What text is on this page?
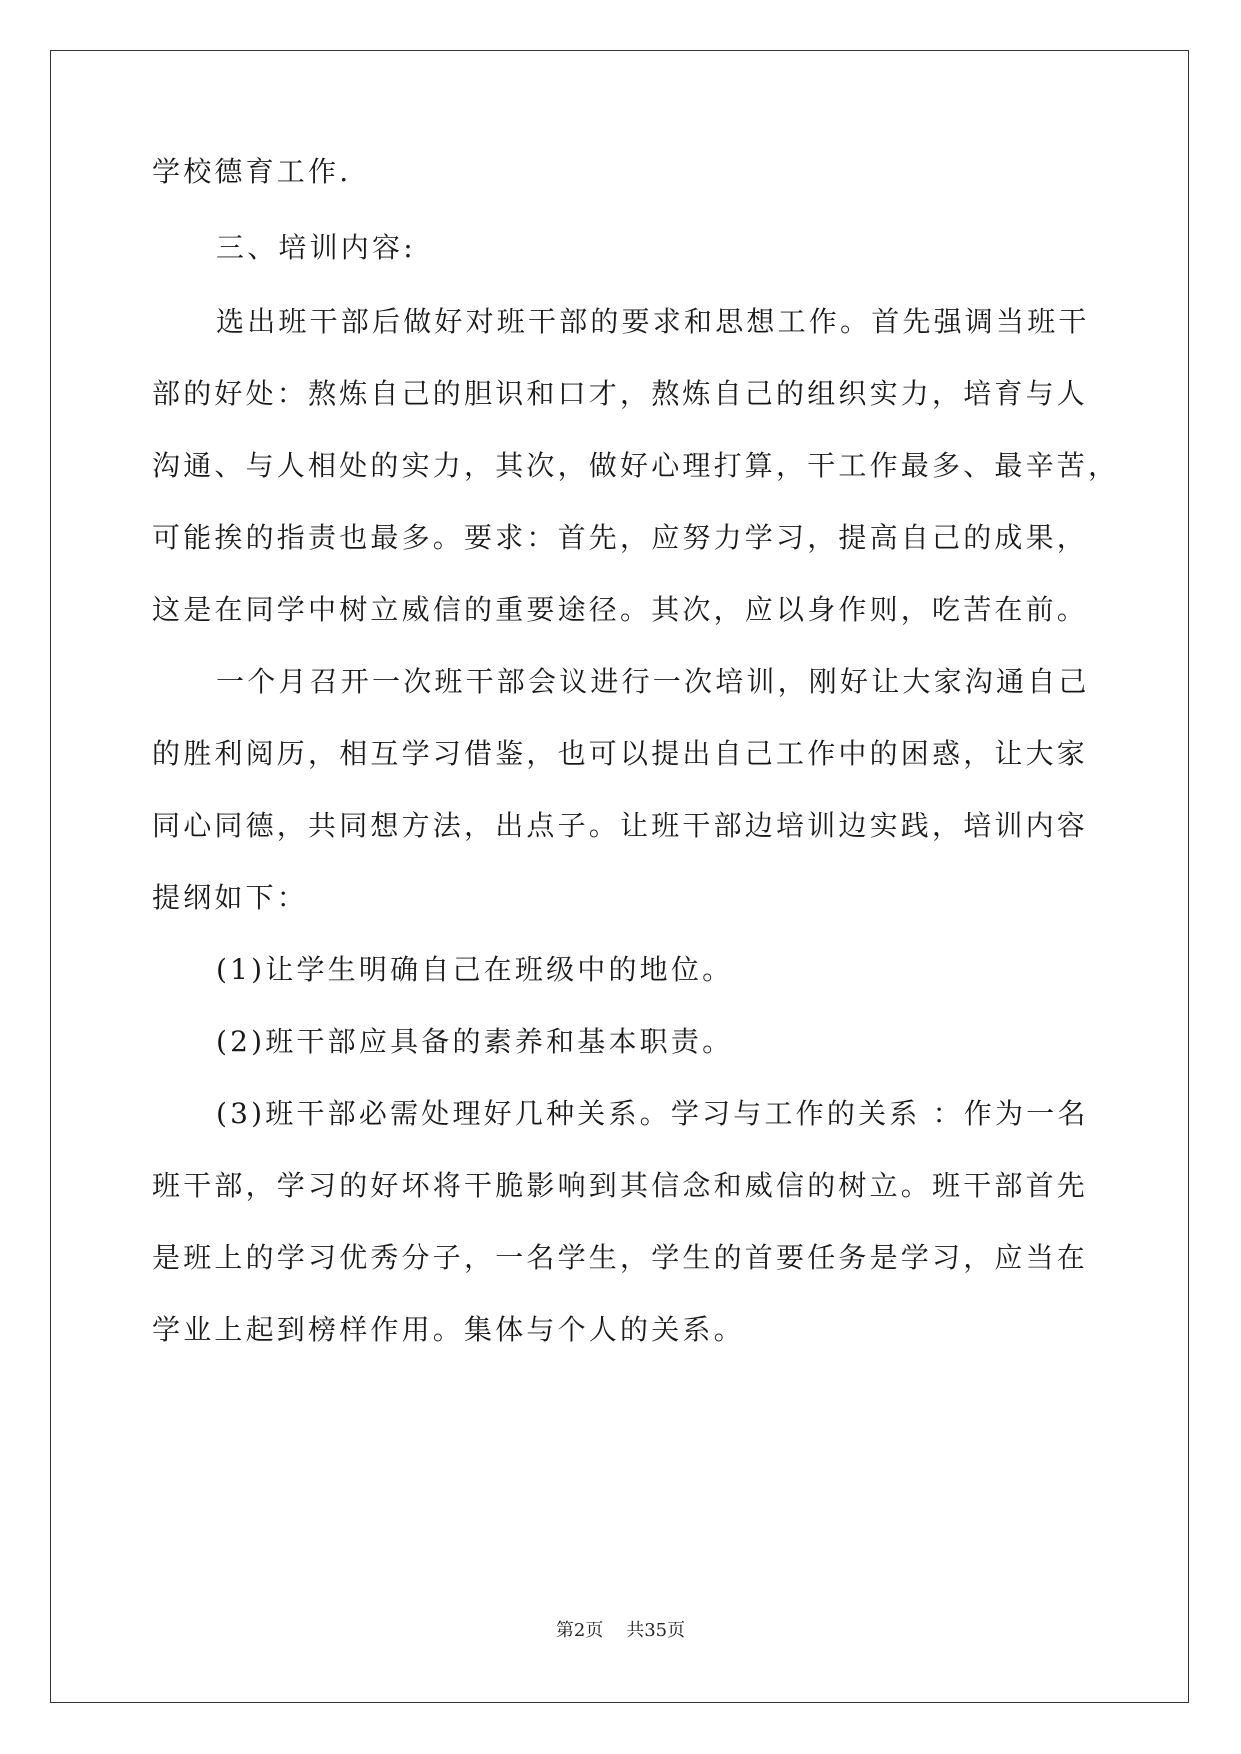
学校德育工作.
三、培训内容:
选出班干部后做好对班干部的要求和思想工作。首先强调当班干
部的好处：熬炼自己的胆识和口才，熬炼自己的组织实力，培育与人
沟通、与人相处的实力，其次，做好心理打算，干工作最多、最辛苦，
可能挨的指责也最多。要求：首先，应努力学习，提高自己的成果，
这是在同学中树立威信的重要途径。其次，应以身作则，吃苦在前。
一个月召开一次班干部会议进行一次培训，刚好让大家沟通自己
的胜利阅历，相互学习借鉴，也可以提出自己工作中的困惑，让大家
同心同德，共同想方法，出点子。让班干部边培训边实践，培训内容
提纲如下：
(1)让学生明确自己在班级中的地位。
(2)班干部应具备的素养和基本职责。
(3)班干部必需处理好几种关系。学习与工作的关系 ：作为一名
班干部，学习的好坏将干脆影响到其信念和威信的树立。班干部首先
是班上的学习优秀分子，一名学生，学生的首要任务是学习，应当在
学业上起到榜样作用。集体与个人的关系。
第2页    共35页
